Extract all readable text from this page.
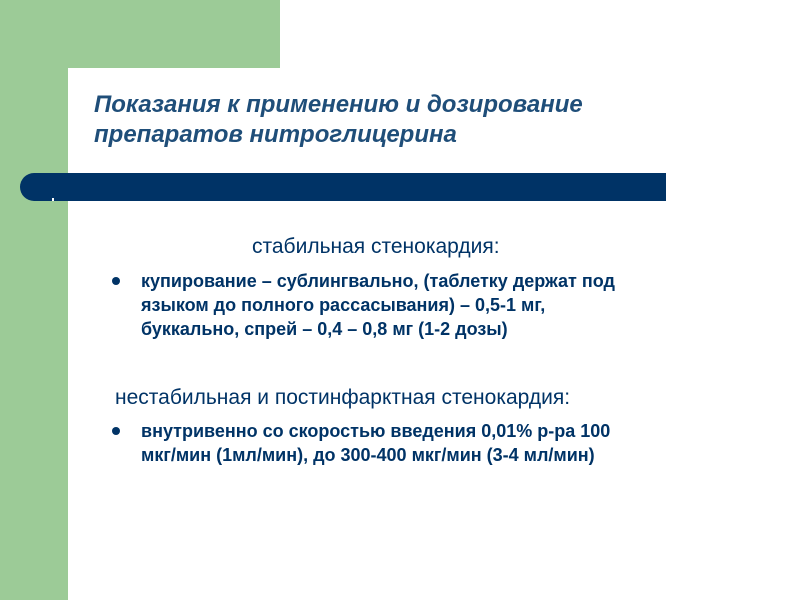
Показания к применению и дозирование
препаратов нитроглицерина
стабильная стенокардия:

купирование – сублингвально, (таблетку держат под
языком до полного рассасывания) – 0,5-1 мг,
буккально, спрей – 0,4 – 0,8 мг (1-2 дозы)

нестабильная и постинфарктная стенокардия:

внутривенно со скоростью введения 0,01% р-ра 100
мкг/мин (1мл/мин), до 300-400 мкг/мин (3-4 мл/мин)
